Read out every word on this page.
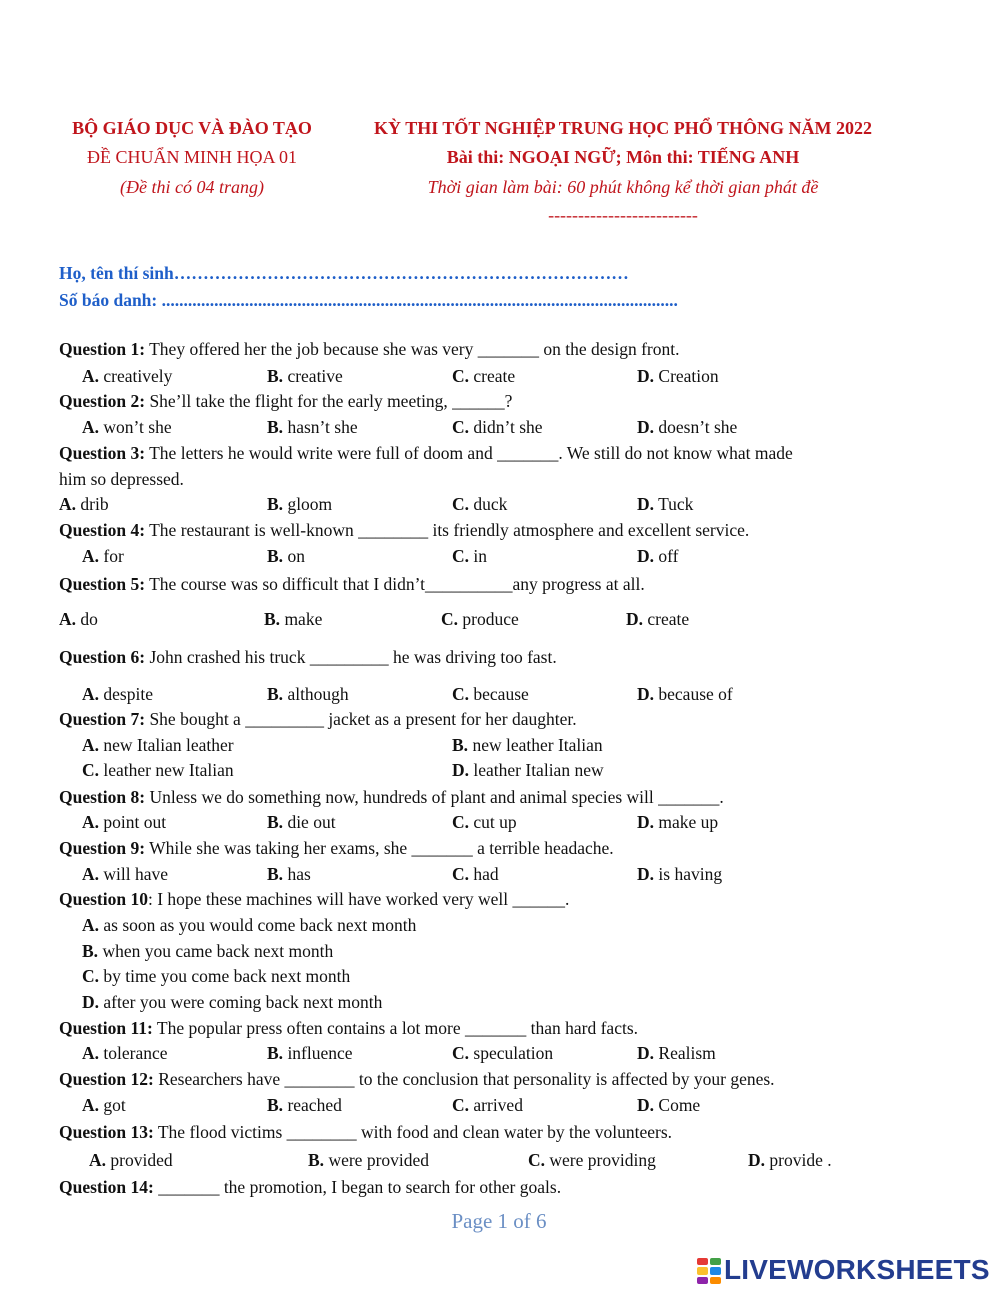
BỘ GIÁO DỤC VÀ ĐÀO TẠO
ĐỀ CHUẨN MINH HỌA 01
(Đề thi có 04 trang)
KỲ THI TỐT NGHIỆP TRUNG HỌC PHỔ THÔNG NĂM 2022
Bài thi: NGOẠI NGỮ; Môn thi: TIẾNG ANH
Thời gian làm bài: 60 phút không kể thời gian phát đề
-------------------------
Họ, tên thí sinh……………………………………………………………………
Số báo danh: ......................................................................................................................
Question 1: They offered her the job because she was very _______ on the design front.
A. creatively	B. creative	C. create	D. Creation
Question 2: She’ll take the flight for the early meeting, ______?
A. won’t she	B. hasn’t she	C. didn’t she	D. doesn’t she
Question 3: The letters he would write were full of doom and _______. We still do not know what made
him so depressed.
A. drib	B. gloom	C. duck	D. Tuck
Question 4: The restaurant is well-known ________ its friendly atmosphere and excellent service.
A. for	B. on	C. in	D. off
Question 5: The course was so difficult that I didn’t__________any progress at all.
A. do	B. make	C. produce	D. create
Question 6: John crashed his truck _________ he was driving too fast.
A. despite	B. although	C. because	D. because of
Question 7: She bought a _________ jacket as a present for her daughter.
A. new Italian leather	B. new leather Italian
C. leather new Italian	D. leather Italian new
Question 8: Unless we do something now, hundreds of plant and animal species will _______.
A. point out	B. die out	C. cut up	D. make up
Question 9: While she was taking her exams, she _______ a terrible headache.
A. will have	B. has	C. had	D. is having
Question 10: I hope these machines will have worked very well ______.
A. as soon as you would come back next month
B. when you came back next month
C. by time you come back next month
D. after you were coming back next month
Question 11: The popular press often contains a lot more _______ than hard facts.
A. tolerance	B. influence	C. speculation	D. Realism
Question 12: Researchers have ________ to the conclusion that personality is affected by your genes.
A. got	B. reached	C. arrived	D. Come
Question 13: The flood victims ________ with food and clean water by the volunteers.
A. provided	B. were provided	C. were providing	D. provide .
Question 14: _______ the promotion, I began to search for other goals.
Page 1 of 6
LIVEWORKSHEETS
